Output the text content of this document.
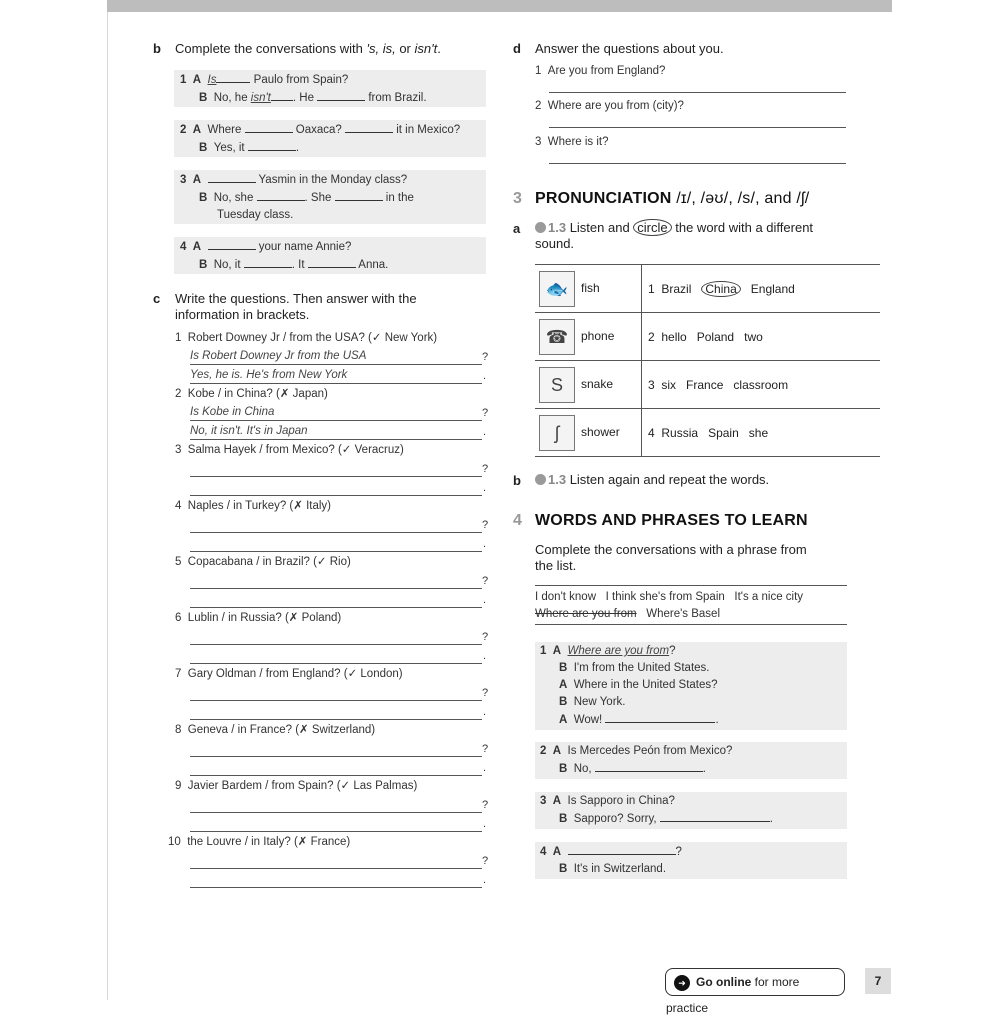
b Complete the conversations with 's, is, or isn't.
1 A Is	Paulo from Spain?
B No, he isn't . He	from Brazil.
2 A Where	Oaxaca?	it in Mexico?
B Yes, it	.
3 A	Yasmin in the Monday class?
B No, she	. She	in the
Tuesday class.
4 A	your name Annie?
B No, it	. It	Anna.
c Write the questions. Then answer with the
information in brackets.
1 Robert Downey Jr / from the USA? (✓ New York)
Is Robert Downey Jr from the USA	?
Yes, he is. He's from New York	.
2 Kobe / in China? (✗ Japan)
Is Kobe in China	?
No, it isn't. It's in Japan	.
3 Salma Hayek / from Mexico? (✓ Veracruz)
?
.
4 Naples / in Turkey? (✗ Italy)
?
.
5 Copacabana / in Brazil? (✓ Rio)
?
.
6 Lublin / in Russia? (✗ Poland)
?
.
7 Gary Oldman / from England? (✓ London)
?
.
8 Geneva / in France? (✗ Switzerland)
?
.
9 Javier Bardem / from Spain? (✓ Las Palmas)
?
.
10 the Louvre / in Italy? (✗ France)
?
.
d Answer the questions about you.
1 Are you from England?
2 Where are you from (city)?
3 Where is it?
3 PRONUNCIATION /ɪ/, /əʊ/, /s/, and /ʃ/
a	1.3 Listen and circle the word with a different
sound.
🐟 fish	1 Brazil China England
☎ phone	2 hello Poland two
S snake	3 six France classroom
ʃ shower	4 Russia Spain she
b	1.3 Listen again and repeat the words.
4 WORDS AND PHRASES TO LEARN
Complete the conversations with a phrase from
the list.
I don't know I think she's from Spain It's a nice city
Where are you from Where's Basel
1 A Where are you from?
B I'm from the United States.
A Where in the United States?
B New York.
A Wow!	.
2 A Is Mercedes Peón from Mexico?
B No,	.
3 A Is Sapporo in China?
B Sapporo? Sorry,	.
4 A	?
B It's in Switzerland.
➜ Go online for more practice
7
